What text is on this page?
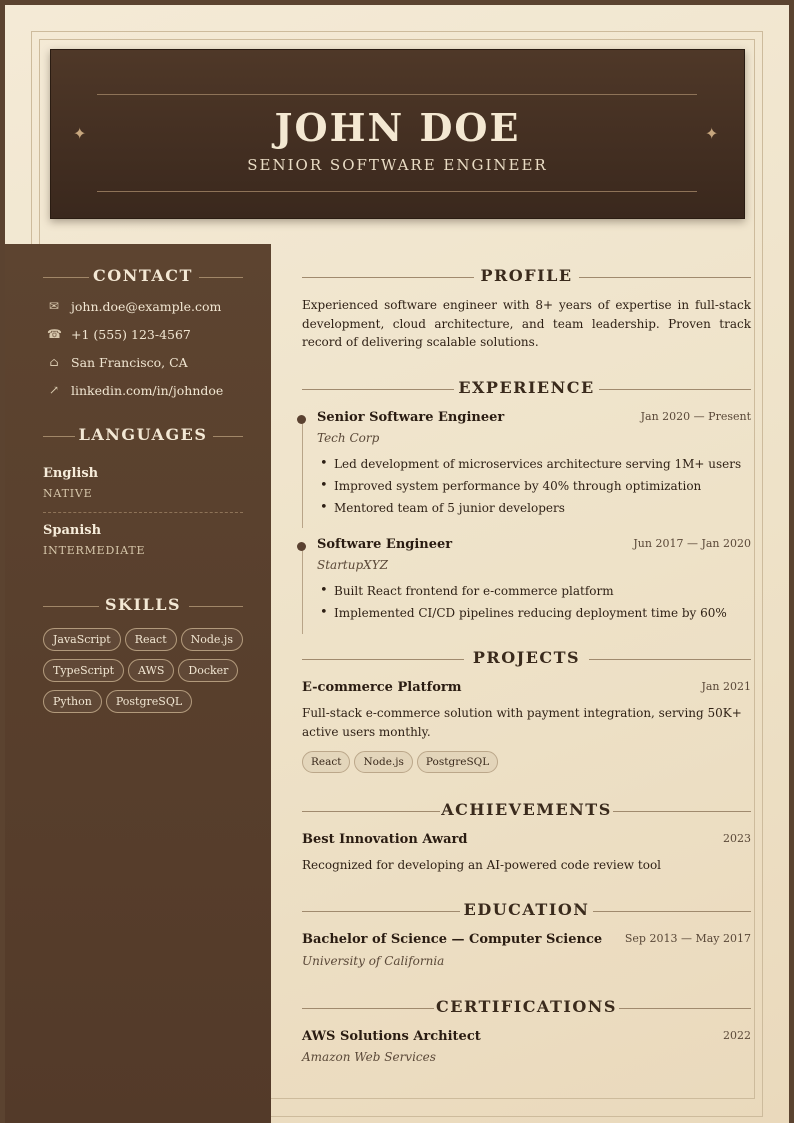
✦	JOHN DOE
SENIOR SOFTWARE ENGINEER
✦
CONTACT
✉ john.doe@example.com
☎ +1 (555) 123-4567
⌂ San Francisco, CA
↗ linkedin.com/in/johndoe
LANGUAGES
English
NATIVE
Spanish
INTERMEDIATE
SKILLS
JavaScript React Node.jsTypeScript AWS DockerPython PostgreSQL
PROFILE
Experienced software engineer with 8+ years of expertise in full-stack development, cloud architecture, and team leadership. Proven track record of delivering scalable solutions.
EXPERIENCE
Senior Software Engineer	Jan 2020 — Present
Tech Corp
• Led development of microservices architecture serving 1M+ users
• Improved system performance by 40% through optimization
• Mentored team of 5 junior developers
Software Engineer	Jun 2017 — Jan 2020
StartupXYZ
• Built React frontend for e-commerce platform
• Implemented CI/CD pipelines reducing deployment time by 60%
PROJECTS
E-commerce Platform	Jan 2021
Full-stack e-commerce solution with payment integration, serving 50K+ active users monthly.
React Node.js PostgreSQL
ACHIEVEMENTS
Best Innovation Award	2023
Recognized for developing an AI-powered code review tool
EDUCATION
Bachelor of Science — Computer Science Sep 2013 — May 2017
University of California
CERTIFICATIONS
AWS Solutions Architect	2022
Amazon Web Services
